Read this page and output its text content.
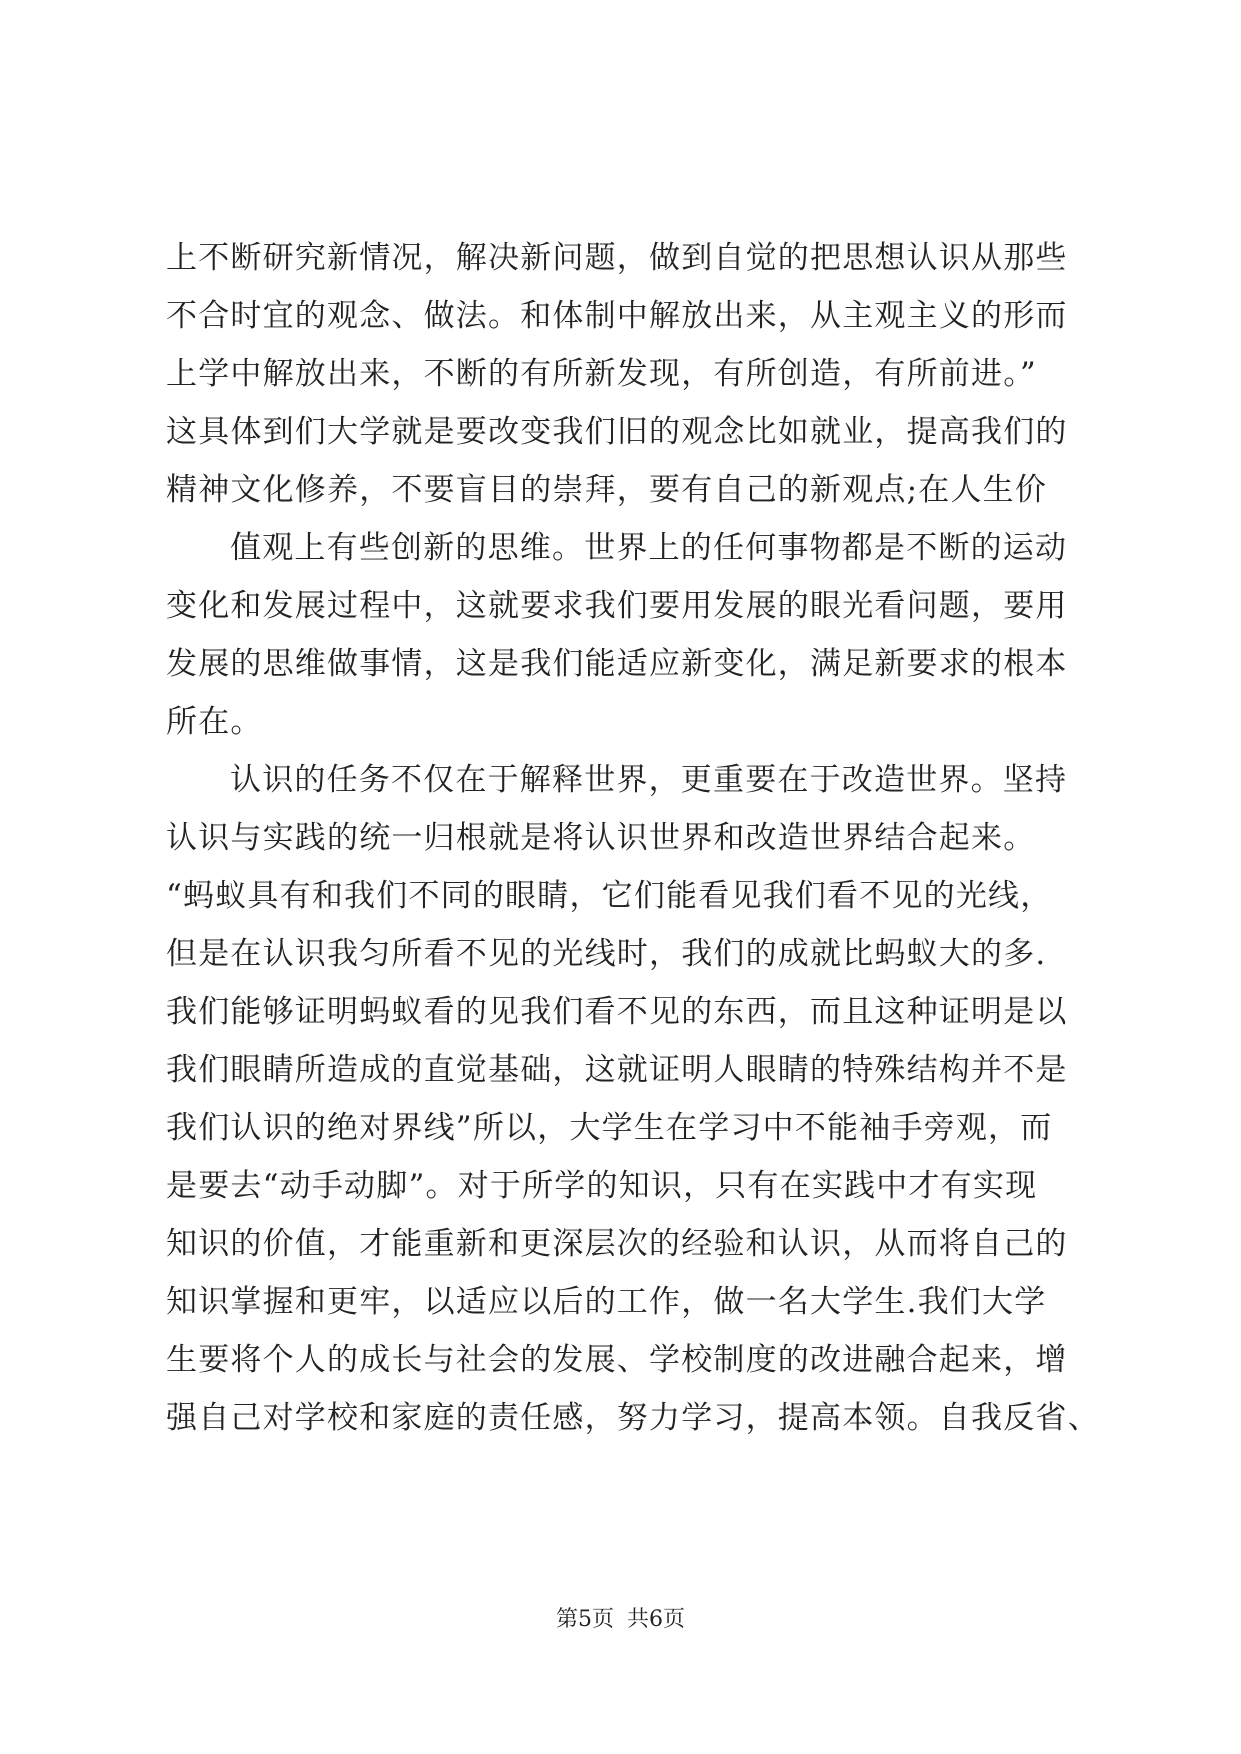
上不断研究新情况，解决新问题，做到自觉的把思想认识从那些
不合时宜的观念、做法。和体制中解放出来，从主观主义的形而
上学中解放出来，不断的有所新发现，有所创造，有所前进。”
这具体到们大学就是要改变我们旧的观念比如就业，提高我们的
精神文化修养，不要盲目的崇拜，要有自己的新观点;在人生价
值观上有些创新的思维。世界上的任何事物都是不断的运动
变化和发展过程中，这就要求我们要用发展的眼光看问题，要用
发展的思维做事情，这是我们能适应新变化，满足新要求的根本
所在。
认识的任务不仅在于解释世界，更重要在于改造世界。坚持
认识与实践的统一归根就是将认识世界和改造世界结合起来。
“蚂蚁具有和我们不同的眼睛，它们能看见我们看不见的光线，
但是在认识我匀所看不见的光线时，我们的成就比蚂蚁大的多.
我们能够证明蚂蚁看的见我们看不见的东西，而且这种证明是以
我们眼睛所造成的直觉基础，这就证明人眼睛的特殊结构并不是
我们认识的绝对界线”所以，大学生在学习中不能袖手旁观，而
是要去“动手动脚”。对于所学的知识，只有在实践中才有实现
知识的价值，才能重新和更深层次的经验和认识，从而将自己的
知识掌握和更牢，以适应以后的工作，做一名大学生.我们大学
生要将个人的成长与社会的发展、学校制度的改进融合起来，增
强自己对学校和家庭的责任感，努力学习，提高本领。自我反省、
第5页 共6页
